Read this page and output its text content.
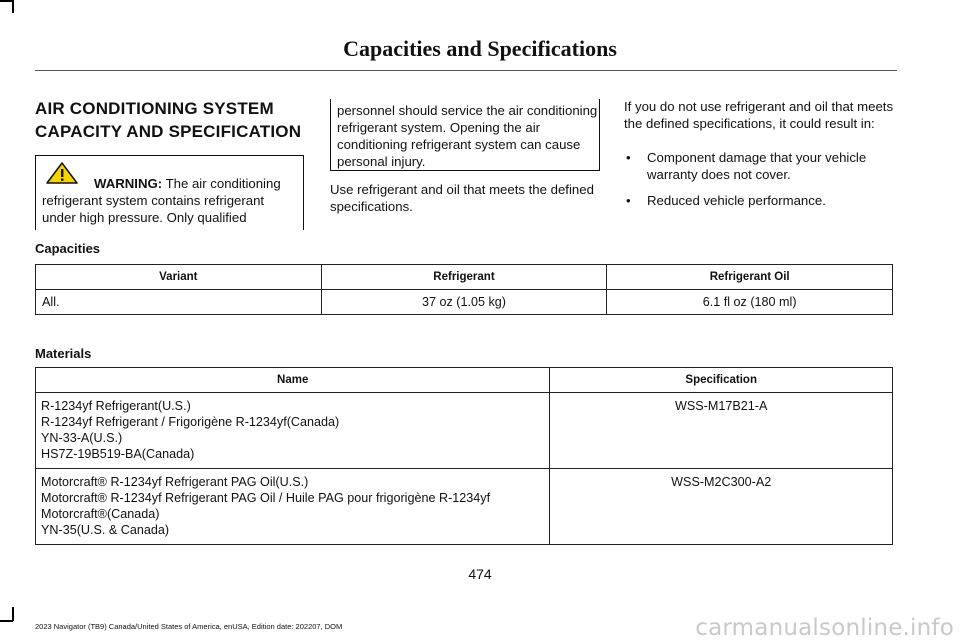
Capacities and Specifications
AIR CONDITIONING SYSTEM
CAPACITY AND SPECIFICATION
WARNING: The air conditioning refrigerant system contains refrigerant under high pressure. Only qualified
personnel should service the air conditioning refrigerant system. Opening the air conditioning refrigerant system can cause personal injury.
Use refrigerant and oil that meets the defined specifications.
If you do not use refrigerant and oil that meets the defined specifications, it could result in:
• Component damage that your vehicle warranty does not cover.
• Reduced vehicle performance.
Capacities
Variant	Refrigerant	Refrigerant Oil
All.	37 oz (1.05 kg)	6.1 fl oz (180 ml)
Materials
Name	Specification

R-1234yf Refrigerant(U.S.)
R-1234yf Refrigerant / Frigorigène R-1234yf(Canada)
YN-33-A(U.S.)
HS7Z-19B519-BA(Canada)	WSS-M17B21-A

Motorcraft® R-1234yf Refrigerant PAG Oil(U.S.)
Motorcraft® R-1234yf Refrigerant PAG Oil / Huile PAG pour frigorigène R-1234yf
Motorcraft®(Canada)
YN-35(U.S. & Canada)	WSS-M2C300-A2
474
2023 Navigator (TB9) Canada/United States of America, enUSA, Edition date: 202207, DOM	carmanualsonline.info
